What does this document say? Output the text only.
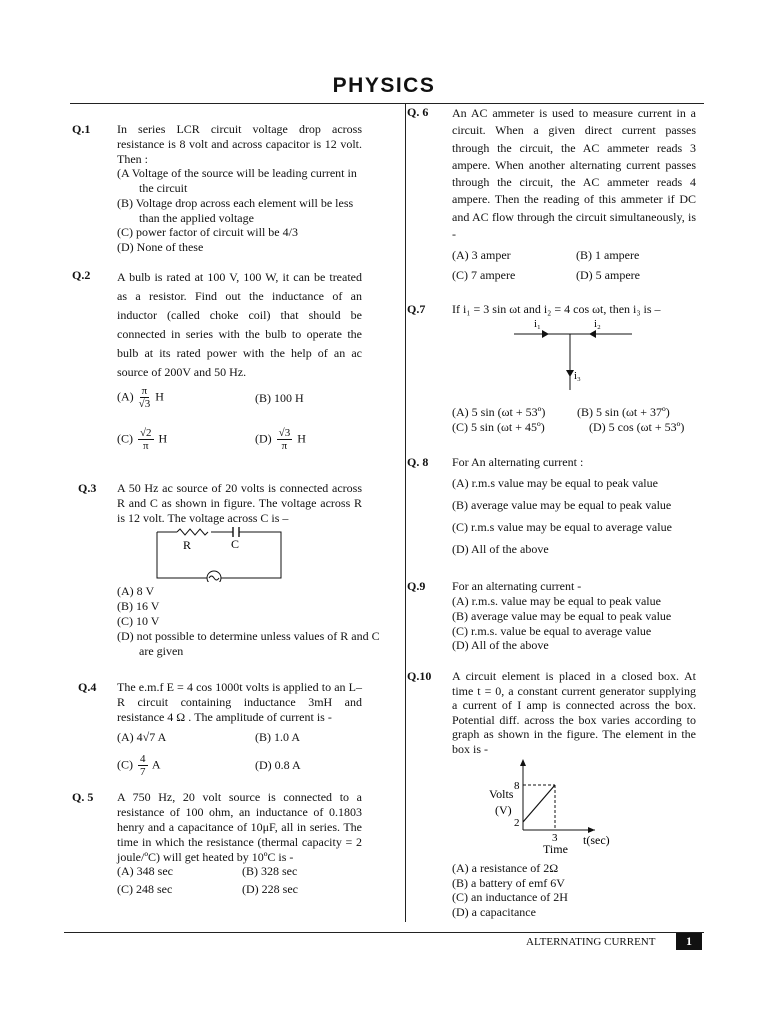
PHYSICS
Q.1 In series LCR circuit voltage drop across resistance is 8 volt and across capacitor is 12 volt. Then :
(A Voltage of the source will be leading current in the circuit
(B) Voltage drop across each element will be less than the applied voltage
(C) power factor of circuit will be 4/3
(D) None of these
Q.2 A bulb is rated at 100 V, 100 W, it can be treated as a resistor. Find out the inductance of an inductor (called choke coil) that should be connected in series with the bulb to operate the bulb at its rated power with the help of an ac source of 200V and 50 Hz.
$(A) \frac{\pi}{√3}$ H	(B) 100 H
$(C) \frac{√2}{\pi}$ H	$(D) \frac{√3}{\pi}$ H
Q.3 A 50 Hz ac source of 20 volts is connected across R and C as shown in figure. The voltage across R is 12 volt. The voltage across C is –
R	C
(A) 8 V
(B) 16 V
(C) 10 V
(D) not possible to determine unless values of R and C are given
Q.4 The e.m.f E = 4 cos 1000t volts is applied to an L–R circuit containing inductance 3mH and resistance 4 Ω . The amplitude of current is -
(A) 4√7 A	(B) 1.0 A
$(C) \frac{4}{7}$ A	(D) 0.8 A
Q. 5 A 750 Hz, 20 volt source is connected to a resistance of 100 ohm, an inductance of 0.1803 henry and a capacitance of 10μF, all in series. The time in which the resistance (thermal capacity = 2 joule/ºC) will get heated by 10ºC is -
(A) 348 sec	(B) 328 sec
(C) 248 sec	(D) 228 sec
Q. 6 An AC ammeter is used to measure current in a circuit. When a given direct current passes through the circuit, the AC ammeter reads 3 ampere. When another alternating current passes through the circuit, the AC ammeter reads 4 ampere. Then the reading of this ammeter if DC and AC flow through the circuit simultaneously, is -
(A) 3 amper	(B) 1 ampere
(C) 7 ampere	(D) 5 ampere
Q.7 If i₁ = 3 sin ωt and i₂ = 4 cos ωt, then i₃ is –
i₁	i₂
i₃
(A) 5 sin (ωt + 53º)	(B) 5 sin (ωt + 37º)
(C) 5 sin (ωt + 45º)	(D) 5 cos (ωt + 53º)
Q. 8 For An alternating current :
(A) r.m.s value may be equal to peak value
(B) average value may be equal to peak value
(C) r.m.s value may be equal to average value
(D) All of the above
Q.9 For an alternating current -
(A) r.m.s. value may be equal to peak value
(B) average value may be equal to peak value
(C) r.m.s. value be equal to average value
(D) All of the above
Q.10 A circuit element is placed in a closed box. At time t = 0, a constant current generator supplying a current of I amp is connected across the box. Potential diff. across the box varies according to graph as shown in the figure. The element in the box is -
8
2
3
Volts
(V)
t(sec)
Time
(A) a resistance of 2Ω
(B) a battery of emf 6V
(C) an inductance of 2H
(D) a capacitance
ALTERNATING CURRENT	1
